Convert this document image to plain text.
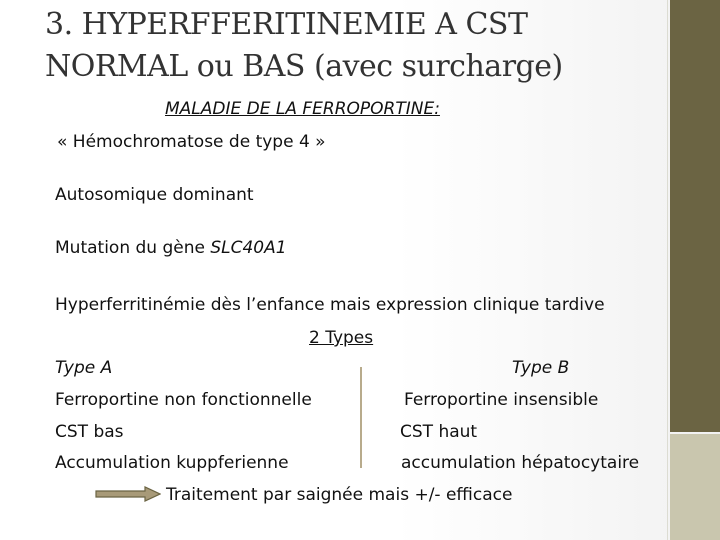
3. HYPERFFERITINEMIE A CST
NORMAL ou BAS (avec surcharge)
MALADIE DE LA FERROPORTINE:
« Hémochromatose de type 4 »
Autosomique dominant
Mutation du gène SLC40A1
Hyperferritinémie dès l’enfance mais expression clinique tardive
2 Types
Type A
Ferroportine non fonctionnelle
CST bas
Accumulation kuppferienne
Type B
Ferroportine insensible
CST haut
accumulation hépatocytaire
Traitement par saignée mais +/- efficace
